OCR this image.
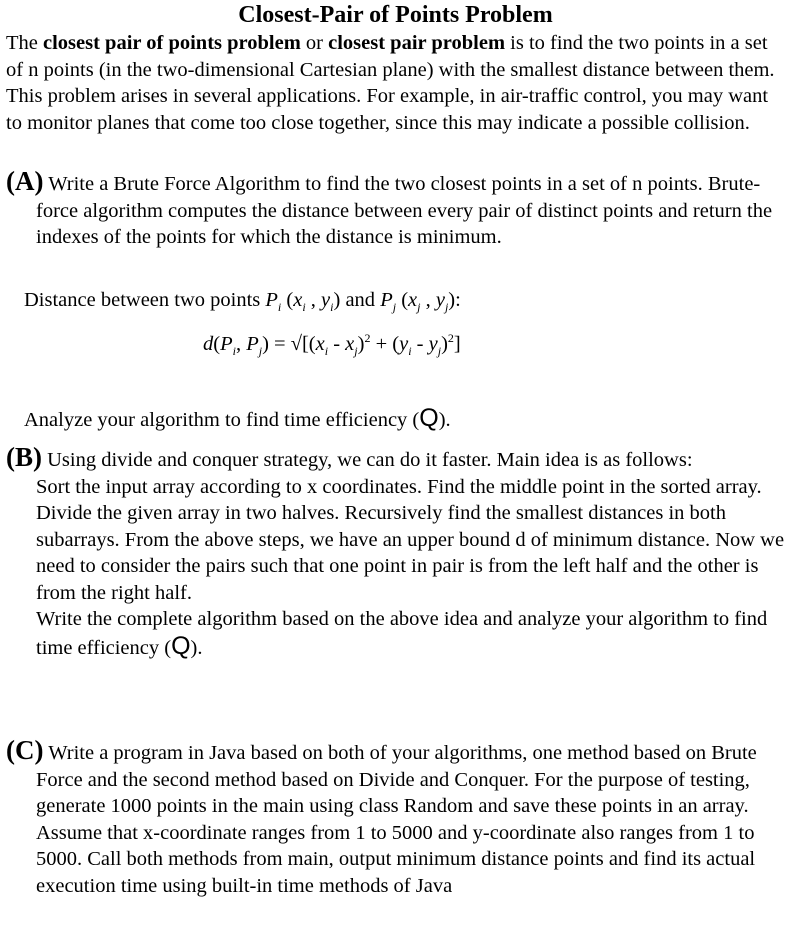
Closest-Pair of Points Problem

The closest pair of points problem or closest pair problem is to find the two points in a set of n points (in the two-dimensional Cartesian plane) with the smallest distance between them. This problem arises in several applications. For example, in air-traffic control, you may want to monitor planes that come too close together, since this may indicate a possible collision.

(A) Write a Brute Force Algorithm to find the two closest points in a set of n points. Brute-force algorithm computes the distance between every pair of distinct points and return the indexes of the points for which the distance is minimum.

Distance between two points $P_i$ ($x_i$ , $y_i$) and $P_j$ ($x_j$ , $y_j$):

$d(P_i$, $P_j) = √[(x_i - x_j)^2 + (y_i - y_j)^2]$

Analyze your algorithm to find time efficiency (Q).

(B) Using divide and conquer strategy, we can do it faster. Main idea is as follows:
Sort the input array according to x coordinates. Find the middle point in the sorted array. Divide the given array in two halves. Recursively find the smallest distances in both subarrays. From the above steps, we have an upper bound d of minimum distance. Now we need to consider the pairs such that one point in pair is from the left half and the other is from the right half.
Write the complete algorithm based on the above idea and analyze your algorithm to find time efficiency (Q).

(C) Write a program in Java based on both of your algorithms, one method based on Brute Force and the second method based on Divide and Conquer. For the purpose of testing, generate 1000 points in the main using class Random and save these points in an array. Assume that x-coordinate ranges from 1 to 5000 and y-coordinate also ranges from 1 to 5000. Call both methods from main, output minimum distance points and find its actual execution time using built-in time methods of Java
